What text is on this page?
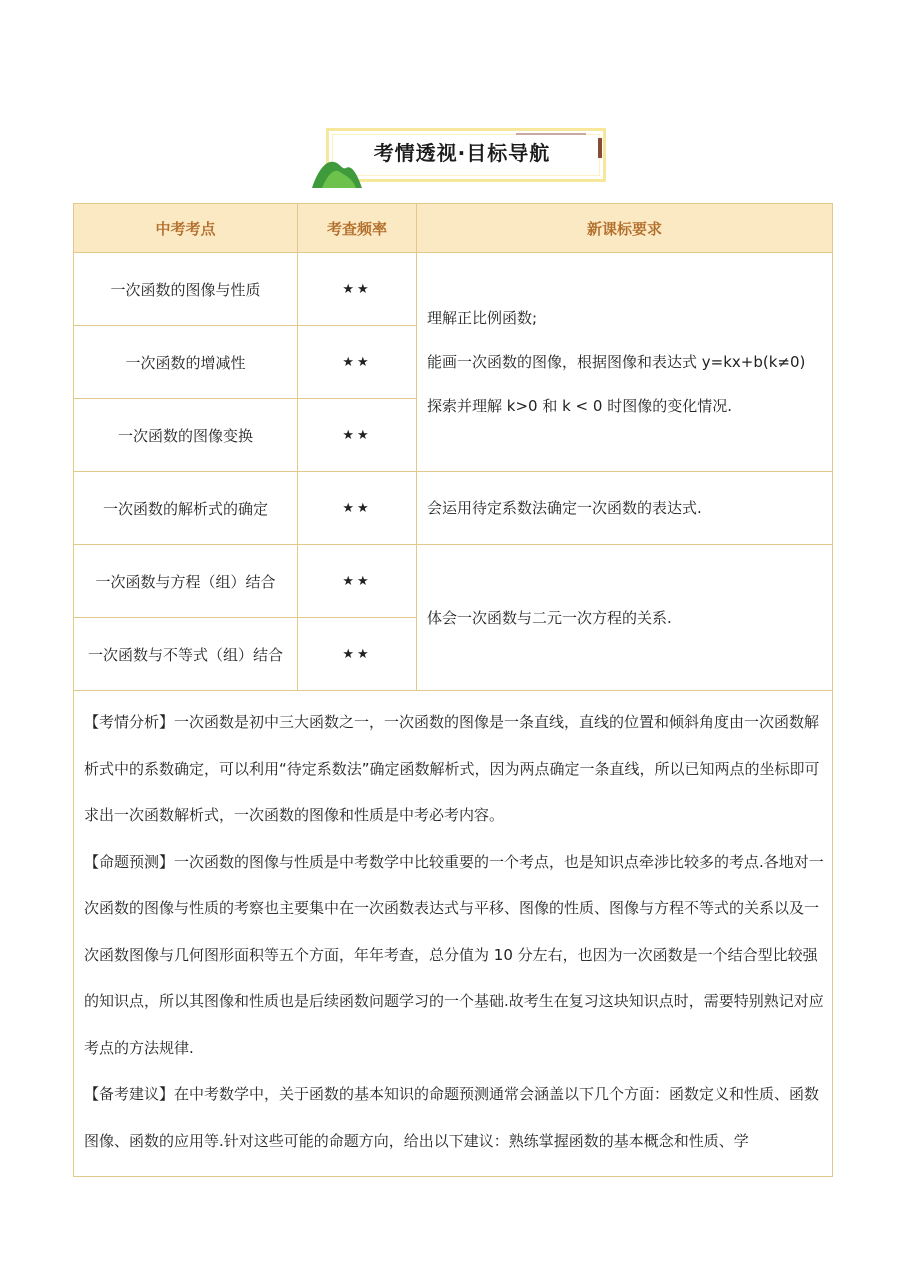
考情透视·目标导航
中考考点	考查频率	新课标要求
一次函数的图像与性质	★★	理解正比例函数;
能画一次函数的图像，根据图像和表达式 y=kx+b(k≠0)
探索并理解 k>0 和 k < 0 时图像的变化情况.

一次函数的增减性	★★	
一次函数的图像变换	★★	
一次函数的解析式的确定	★★	会运用待定系数法确定一次函数的表达式.
一次函数与方程（组）结合	★★	体会一次函数与二元一次方程的关系.
一次函数与不等式（组）结合	★★	

【考情分析】一次函数是初中三大函数之一，一次函数的图像是一条直线，直线的位置和倾斜角度由一次函数解析式中的系数确定，可以利用“待定系数法”确定函数解析式，因为两点确定一条直线，所以已知两点的坐标即可求出一次函数解析式，一次函数的图像和性质是中考必考内容。
【命题预测】一次函数的图像与性质是中考数学中比较重要的一个考点，也是知识点牵涉比较多的考点.各地对一次函数的图像与性质的考察也主要集中在一次函数表达式与平移、图像的性质、图像与方程不等式的关系以及一次函数图像与几何图形面积等五个方面，年年考查，总分值为 10 分左右，也因为一次函数是一个结合型比较强的知识点，所以其图像和性质也是后续函数问题学习的一个基础.故考生在复习这块知识点时，需要特别熟记对应考点的方法规律.
【备考建议】在中考数学中，关于函数的基本知识的命题预测通常会涵盖以下几个方面：函数定义和性质、函数图像、函数的应用等.针对这些可能的命题方向，给出以下建议：熟练掌握函数的基本概念和性质、学		
